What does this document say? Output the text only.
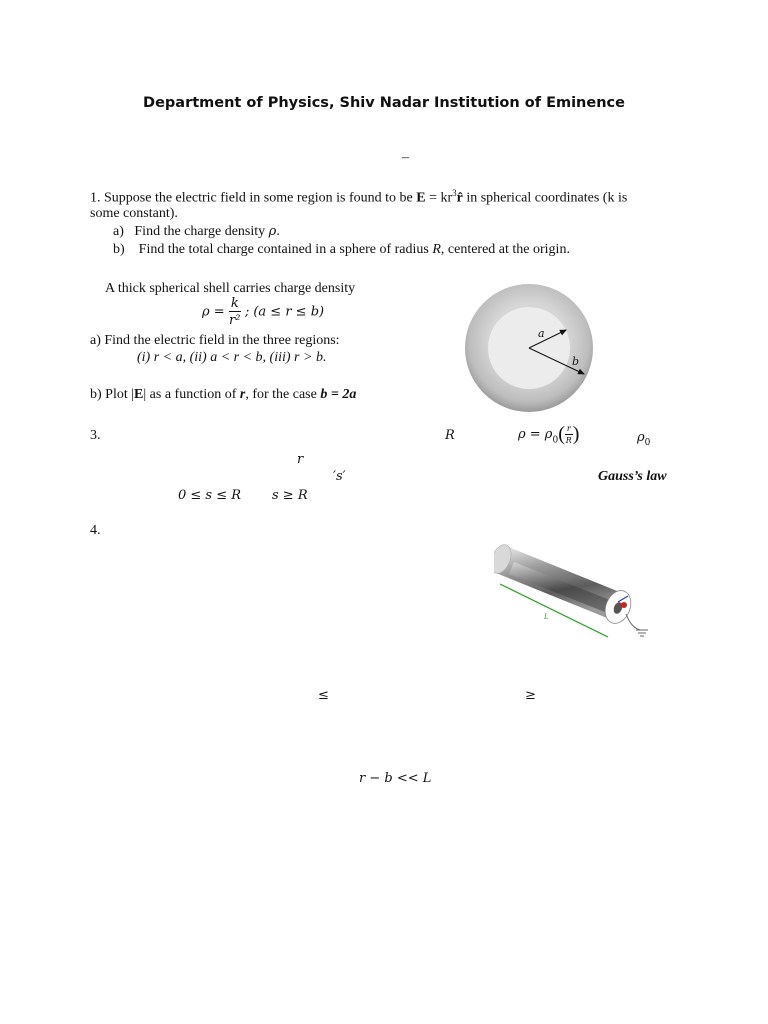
Department of Physics, Shiv Nadar Institution of Eminence
–
1. Suppose the electric field in some region is found to be $E = kr^3r̂$ in spherical coordinates (k is
some constant).
a) Find the charge density ρ.
b) Find the total charge contained in a sphere of radius R, centered at the origin.
A thick spherical shell carries charge density
$\rho = \frac{k}{\text{r²}}$ ; (a ≤ r ≤ b)
a) Find the electric field in the three regions:
(i) r < a, (ii) a < r < b, (iii) r > b.
b) Plot |E| as a function of r, for the case b = 2a
a
b
3.	R	$\rho = \rho_0( \frac{r}{R}$ )	$\rho_0$
r
′s′	Gauss’s law
0 ≤ s ≤ R s ≥ R
4.
L
≤	≥
r − b << L
